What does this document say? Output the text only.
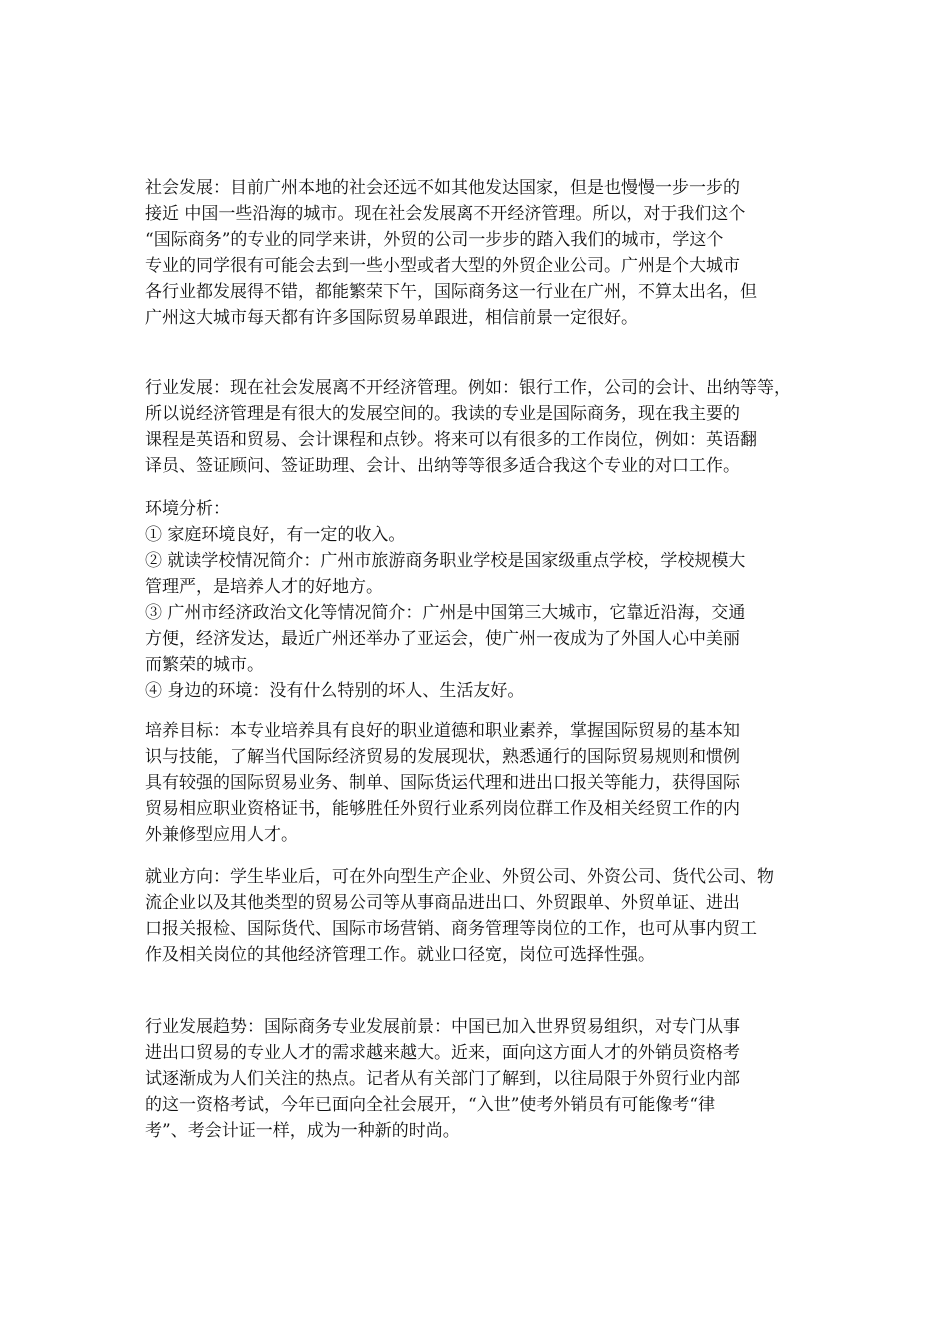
社会发展：目前广州本地的社会还远不如其他发达国家，但是也慢慢一步一步的
接近 中国一些沿海的城市。现在社会发展离不开经济管理。所以，对于我们这个
“国际商务”的专业的同学来讲，外贸的公司一步步的踏入我们的城市，学这个
专业的同学很有可能会去到一些小型或者大型的外贸企业公司。广州是个大城市
各行业都发展得不错，都能繁荣下午，国际商务这一行业在广州，不算太出名，但
广州这大城市每天都有许多国际贸易单跟进，相信前景一定很好。
行业发展：现在社会发展离不开经济管理。例如：银行工作，公司的会计、出纳等等，
所以说经济管理是有很大的发展空间的。我读的专业是国际商务，现在我主要的
课程是英语和贸易、会计课程和点钞。将来可以有很多的工作岗位，例如：英语翻
译员、签证顾问、签证助理、会计、出纳等等很多适合我这个专业的对口工作。
环境分析：
① 家庭环境良好，有一定的收入。
② 就读学校情况简介：广州市旅游商务职业学校是国家级重点学校，学校规模大
管理严，是培养人才的好地方。
③ 广州市经济政治文化等情况简介：广州是中国第三大城市，它靠近沿海，交通
方便，经济发达，最近广州还举办了亚运会，使广州一夜成为了外国人心中美丽
而繁荣的城市。
④ 身边的环境：没有什么特别的坏人、生活友好。
培养目标：本专业培养具有良好的职业道德和职业素养，掌握国际贸易的基本知
识与技能，了解当代国际经济贸易的发展现状，熟悉通行的国际贸易规则和惯例
具有较强的国际贸易业务、制单、国际货运代理和进出口报关等能力，获得国际
贸易相应职业资格证书，能够胜任外贸行业系列岗位群工作及相关经贸工作的内
外兼修型应用人才。
就业方向：学生毕业后，可在外向型生产企业、外贸公司、外资公司、货代公司、物
流企业以及其他类型的贸易公司等从事商品进出口、外贸跟单、外贸单证、进出
口报关报检、国际货代、国际市场营销、商务管理等岗位的工作，也可从事内贸工
作及相关岗位的其他经济管理工作。就业口径宽，岗位可选择性强。
行业发展趋势：国际商务专业发展前景：中国已加入世界贸易组织，对专门从事
进出口贸易的专业人才的需求越来越大。近来，面向这方面人才的外销员资格考
试逐渐成为人们关注的热点。记者从有关部门了解到，以往局限于外贸行业内部
的这一资格考试，今年已面向全社会展开，“入世”使考外销员有可能像考“律
考”、考会计证一样，成为一种新的时尚。
